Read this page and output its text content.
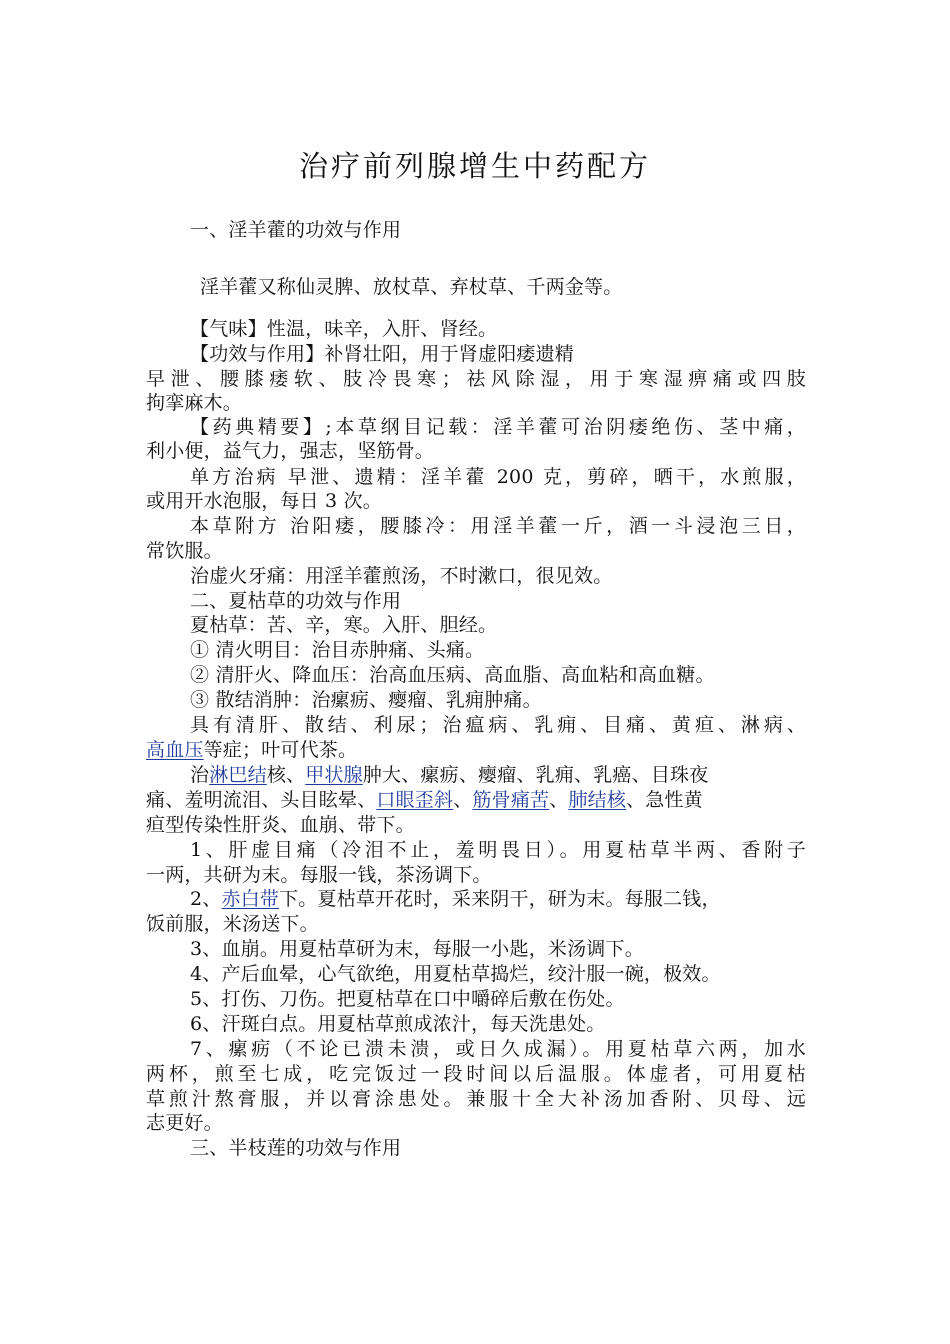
治疗前列腺增生中药配方
一、淫羊藿的功效与作用
淫羊藿又称仙灵脾、放杖草、弃杖草、千两金等。
【气味】性温，味辛，入肝、肾经。
【功效与作用】补肾壮阳，用于肾虚阳痿遗精
早泄、腰膝痿软、肢冷畏寒；祛风除湿，用于寒湿痹痛或四肢
拘挛麻木。
【药典精要】;本草纲目记载：淫羊藿可治阴痿绝伤、茎中痛，
利小便，益气力，强志，坚筋骨。
单方治病 早泄、遗精：淫羊藿 200 克，剪碎，晒干，水煎服，
或用开水泡服，每日 3 次。
本草附方 治阳痿，腰膝冷：用淫羊藿一斤，酒一斗浸泡三日，
常饮服。
治虚火牙痛：用淫羊藿煎汤，不时漱口，很见效。
二、夏枯草的功效与作用
夏枯草：苦、辛，寒。入肝、胆经。
① 清火明目：治目赤肿痛、头痛。
② 清肝火、降血压：治高血压病、高血脂、高血粘和高血糖。
③ 散结消肿：治瘰疬、瘿瘤、乳痈肿痛。
具有清肝、散结、利尿；治瘟病、乳痈、目痛、黄疸、淋病、
高血压等症；叶可代茶。
治淋巴结核、甲状腺肿大、瘰疬、瘿瘤、乳痈、乳癌、目珠夜
痛、羞明流泪、头目眩晕、口眼歪斜、筋骨痛苦、肺结核、急性黄
疸型传染性肝炎、血崩、带下。
1、肝虚目痛（冷泪不止，羞明畏日）。用夏枯草半两、香附子
一两，共研为末。每服一钱，茶汤调下。
2、赤白带下。夏枯草开花时，采来阴干，研为末。每服二钱，
饭前服，米汤送下。
3、血崩。用夏枯草研为末，每服一小匙，米汤调下。
4、产后血晕，心气欲绝，用夏枯草捣烂，绞汁服一碗，极效。
5、打伤、刀伤。把夏枯草在口中嚼碎后敷在伤处。
6、汗斑白点。用夏枯草煎成浓汁，每天洗患处。
7、瘰疬（不论已溃未溃，或日久成漏）。用夏枯草六两，加水
两杯，煎至七成，吃完饭过一段时间以后温服。体虚者，可用夏枯
草煎汁熬膏服，并以膏涂患处。兼服十全大补汤加香附、贝母、远
志更好。
三、半枝莲的功效与作用
